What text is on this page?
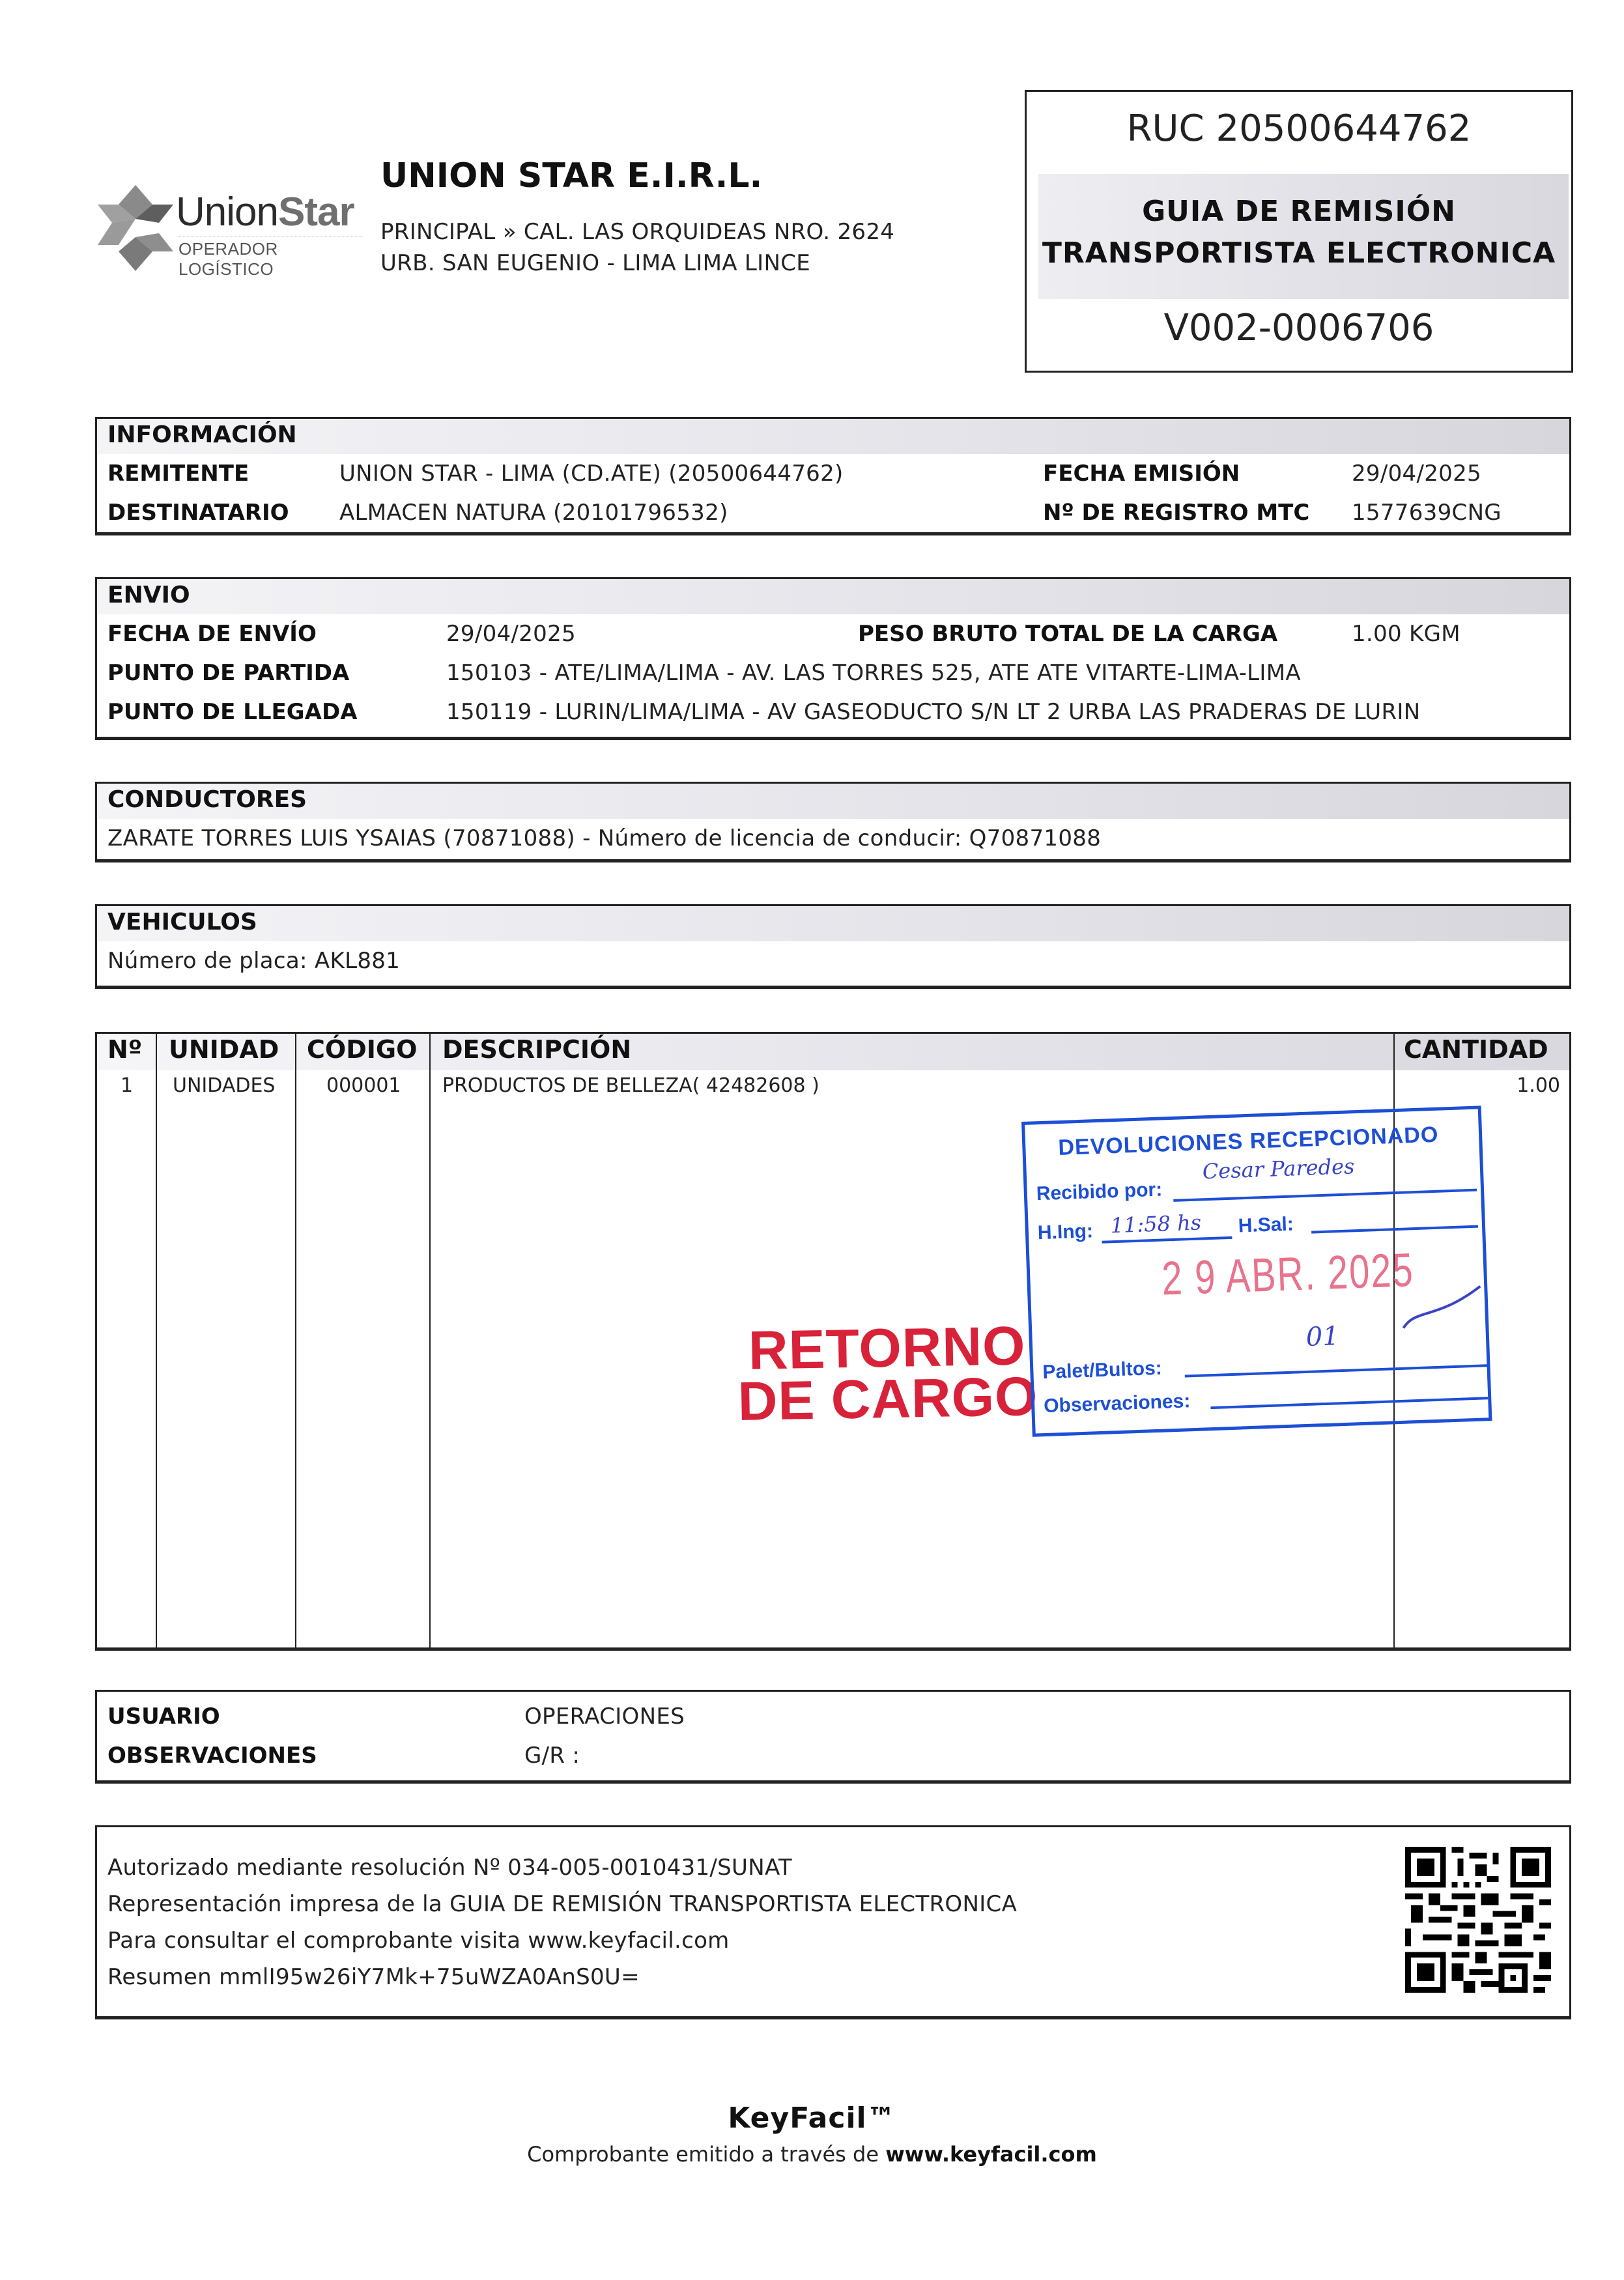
UnionStar
OPERADOR LOGÍSTICO
UNION STAR E.I.R.L.
PRINCIPAL » CAL. LAS ORQUIDEAS NRO. 2624
URB. SAN EUGENIO - LIMA LIMA LINCE
RUC 20500644762
GUIA DE REMISIÓN
TRANSPORTISTA ELECTRONICA
V002-0006706
INFORMACIÓN
REMITENTE	UNION STAR - LIMA (CD.ATE) (20500644762)	FECHA EMISIÓN	29/04/2025
DESTINATARIO ALMACEN NATURA (20101796532)	Nº DE REGISTRO MTC 1577639CNG
ENVIO
FECHA DE ENVÍO	29/04/2025	PESO BRUTO TOTAL DE LA CARGA	1.00 KGM
PUNTO DE PARTIDA	150103 - ATE/LIMA/LIMA - AV. LAS TORRES 525, ATE ATE VITARTE-LIMA-LIMA
PUNTO DE LLEGADA	150119 - LURIN/LIMA/LIMA - AV GASEODUCTO S/N LT 2 URBA LAS PRADERAS DE LURIN
CONDUCTORES
ZARATE TORRES LUIS YSAIAS (70871088) - Número de licencia de conducir: Q70871088
VEHICULOS
Número de placa: AKL881
Nº UNIDAD CÓDIGO DESCRIPCIÓN	CANTIDAD
1 UNIDADES	000001 PRODUCTOS DE BELLEZA( 42482608 )	1.00
RETORNO
DE CARGO
DEVOLUCIONES RECEPCIONADO
Recibido por:
Cesar Paredes
H.Ing: 11:58 hs H.Sal:
2 9 ABR. 2025
01
Palet/Bultos:
Observaciones:
USUARIO	OPERACIONES
OBSERVACIONES	G/R :
Autorizado mediante resolución Nº 034-005-0010431/SUNAT
Representación impresa de la GUIA DE REMISIÓN TRANSPORTISTA ELECTRONICA
Para consultar el comprobante visita www.keyfacil.com
Resumen mmlI95w26iY7Mk+75uWZA0AnS0U=
KeyFacil™
Comprobante emitido a través de www.keyfacil.com
